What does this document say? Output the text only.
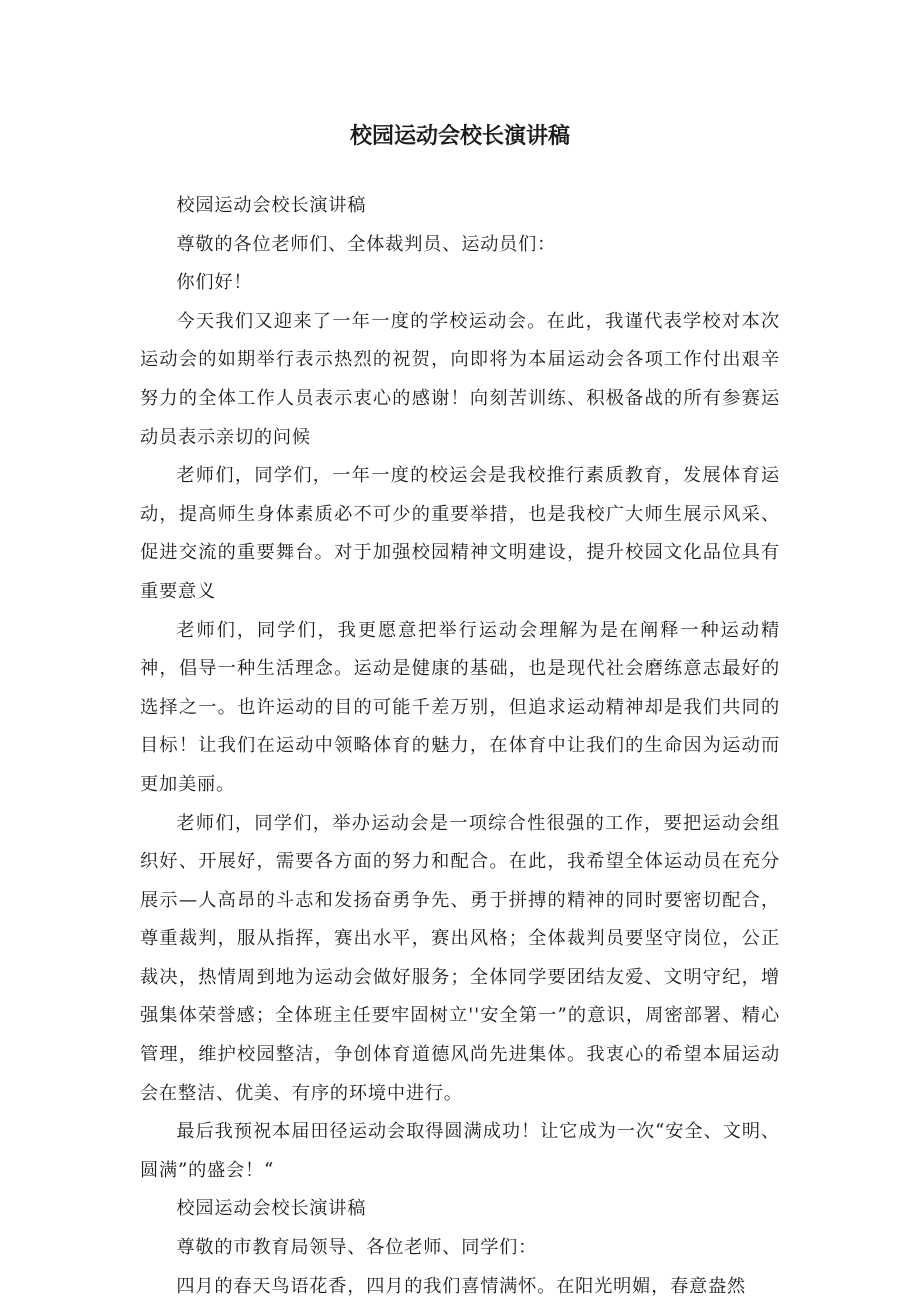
校园运动会校长演讲稿

校园运动会校长演讲稿

尊敬的各位老师们、全体裁判员、运动员们：

你们好！

今天我们又迎来了一年一度的学校运动会。在此，我谨代表学校对本次运动会的如期举行表示热烈的祝贺，向即将为本届运动会各项工作付出艰辛努力的全体工作人员表示衷心的感谢！向刻苦训练、积极备战的所有参赛运动员表示亲切的问候

老师们，同学们，一年一度的校运会是我校推行素质教育，发展体育运动，提高师生身体素质必不可少的重要举措，也是我校广大师生展示风采、促进交流的重要舞台。对于加强校园精神文明建设，提升校园文化品位具有重要意义

老师们，同学们，我更愿意把举行运动会理解为是在阐释一种运动精神，倡导一种生活理念。运动是健康的基础，也是现代社会磨练意志最好的选择之一。也许运动的目的可能千差万别，但追求运动精神却是我们共同的目标！让我们在运动中领略体育的魅力，在体育中让我们的生命因为运动而更加美丽。

老师们，同学们，举办运动会是一项综合性很强的工作，要把运动会组织好、开展好，需要各方面的努力和配合。在此，我希望全体运动员在充分展示—人高昂的斗志和发扬奋勇争先、勇于拼搏的精神的同时要密切配合，尊重裁判，服从指挥，赛出水平，赛出风格；全体裁判员要坚守岗位，公正裁决，热情周到地为运动会做好服务；全体同学要团结友爱、文明守纪，增强集体荣誉感；全体班主任要牢固树立''安全第一”的意识，周密部署、精心管理，维护校园整洁，争创体育道德风尚先进集体。我衷心的希望本届运动会在整洁、优美、有序的环境中进行。

最后我预祝本届田径运动会取得圆满成功！让它成为一次“安全、文明、圆满”的盛会！“

校园运动会校长演讲稿

尊敬的市教育局领导、各位老师、同学们：

四月的春天鸟语花香，四月的我们喜情满怀。在阳光明媚，春意盎然
